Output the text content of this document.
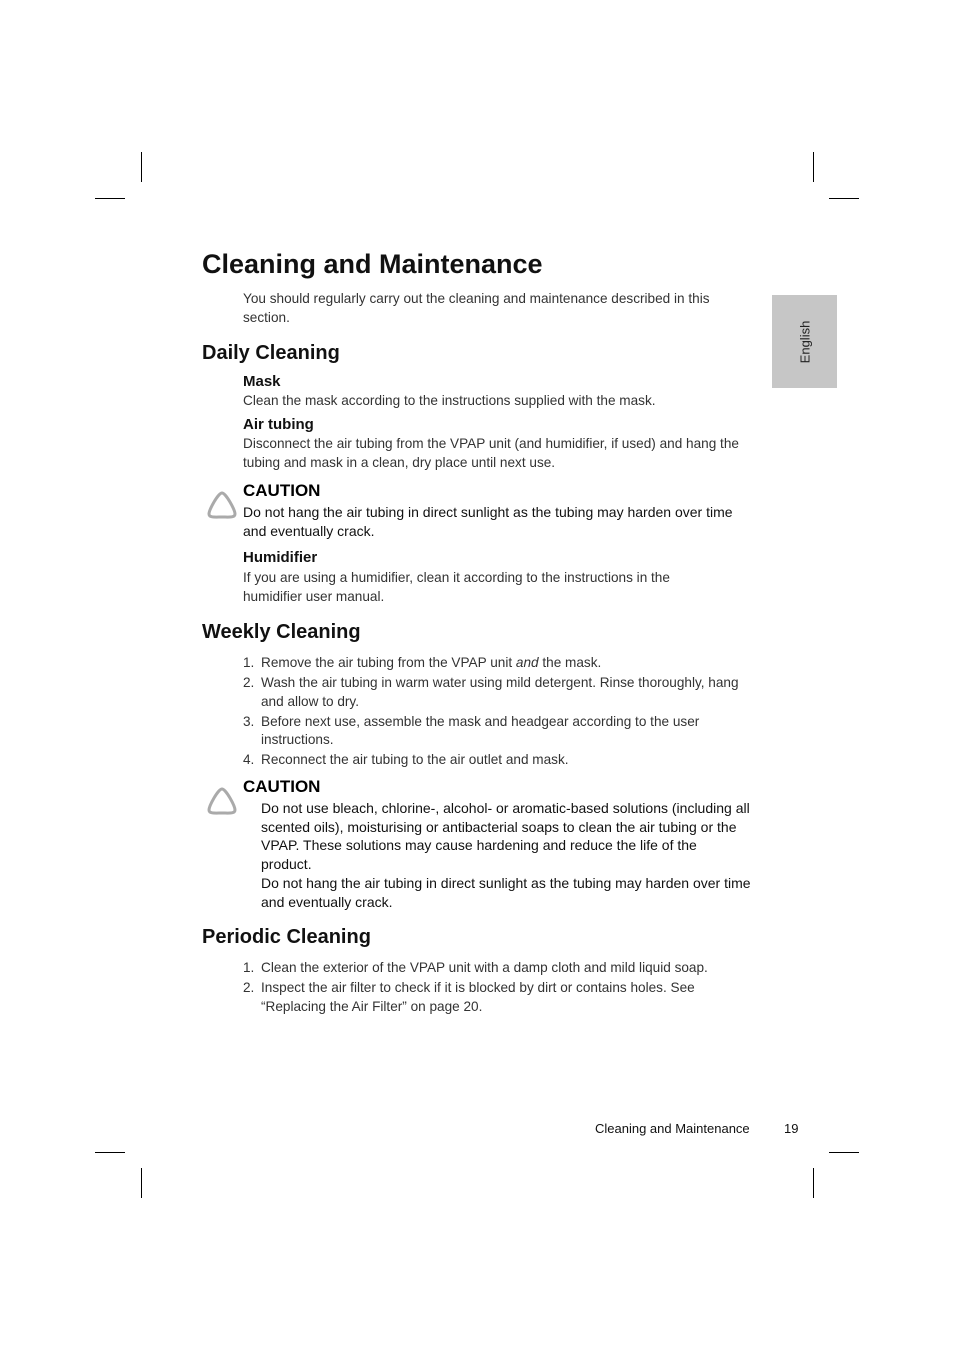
English
Cleaning and Maintenance
You should regularly carry out the cleaning and maintenance described in this section.
Daily Cleaning
Mask
Clean the mask according to the instructions supplied with the mask.
Air tubing
Disconnect the air tubing from the VPAP unit (and humidifier, if used) and hang the tubing and mask in a clean, dry place until next use.
CAUTION
Do not hang the air tubing in direct sunlight as the tubing may harden over time and eventually crack.
Humidifier
If you are using a humidifier, clean it according to the instructions in the humidifier user manual.
Weekly Cleaning
1. Remove the air tubing from the VPAP unit and the mask.
2. Wash the air tubing in warm water using mild detergent. Rinse thoroughly, hang and allow to dry.
3. Before next use, assemble the mask and headgear according to the user instructions.
4. Reconnect the air tubing to the air outlet and mask.
CAUTION
Do not use bleach, chlorine-, alcohol- or aromatic-based solutions (including all scented oils), moisturising or antibacterial soaps to clean the air tubing or the VPAP. These solutions may cause hardening and reduce the life of the product.
Do not hang the air tubing in direct sunlight as the tubing may harden over time and eventually crack.
Periodic Cleaning
1. Clean the exterior of the VPAP unit with a damp cloth and mild liquid soap.
2. Inspect the air filter to check if it is blocked by dirt or contains holes. See “Replacing the Air Filter” on page 20.
Cleaning and Maintenance	19
